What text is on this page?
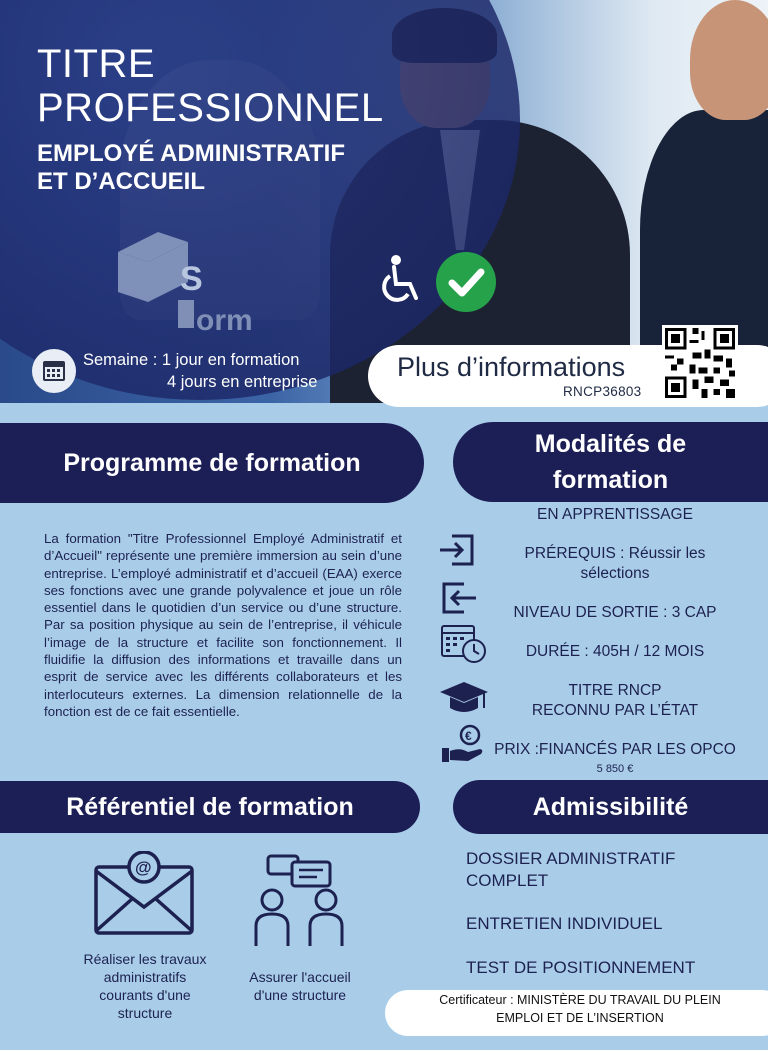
TITRE
PROFESSIONNEL
EMPLOYÉ ADMINISTRATIF
ET D’ACCUEIL
S
orm
Semaine : 1 jour en formation
4 jours en entreprise	Plus d’informations
RNCP36803
Programme de formation
Modalités de
formation
La formation "Titre Professionnel Employé Administratif et d’Accueil" représente une première immersion au sein d’une entreprise. L’employé administratif et d’accueil (EAA) exerce ses fonctions avec une grande polyvalence et joue un rôle essentiel dans le quotidien d’un service ou d’une structure. Par sa position physique au sein de l’entreprise, il véhicule l’image de la structure et facilite son fonctionnement. Il fluidifie la diffusion des informations et travaille dans un esprit de service avec les différents collaborateurs et les interlocuteurs externes. La dimension relationnelle de la fonction est de ce fait essentielle.
EN APPRENTISSAGE
PRÉREQUIS : Réussir les
sélections
NIVEAU DE SORTIE : 3 CAP
DURÉE : 405H / 12 MOIS
TITRE RNCP
RECONNU PAR L’ÉTAT
€
PRIX :FINANCÉS PAR LES OPCO
5 850 €
Référentiel de formation
@
Réaliser les travaux
administratifs
courants d'une
structure
Assurer l'accueil
d'une structure
Admissibilité
DOSSIER ADMINISTRATIF
COMPLET
ENTRETIEN INDIVIDUEL
TEST DE POSITIONNEMENT
Certificateur : MINISTÈRE DU TRAVAIL DU PLEIN
EMPLOI ET DE L’INSERTION
